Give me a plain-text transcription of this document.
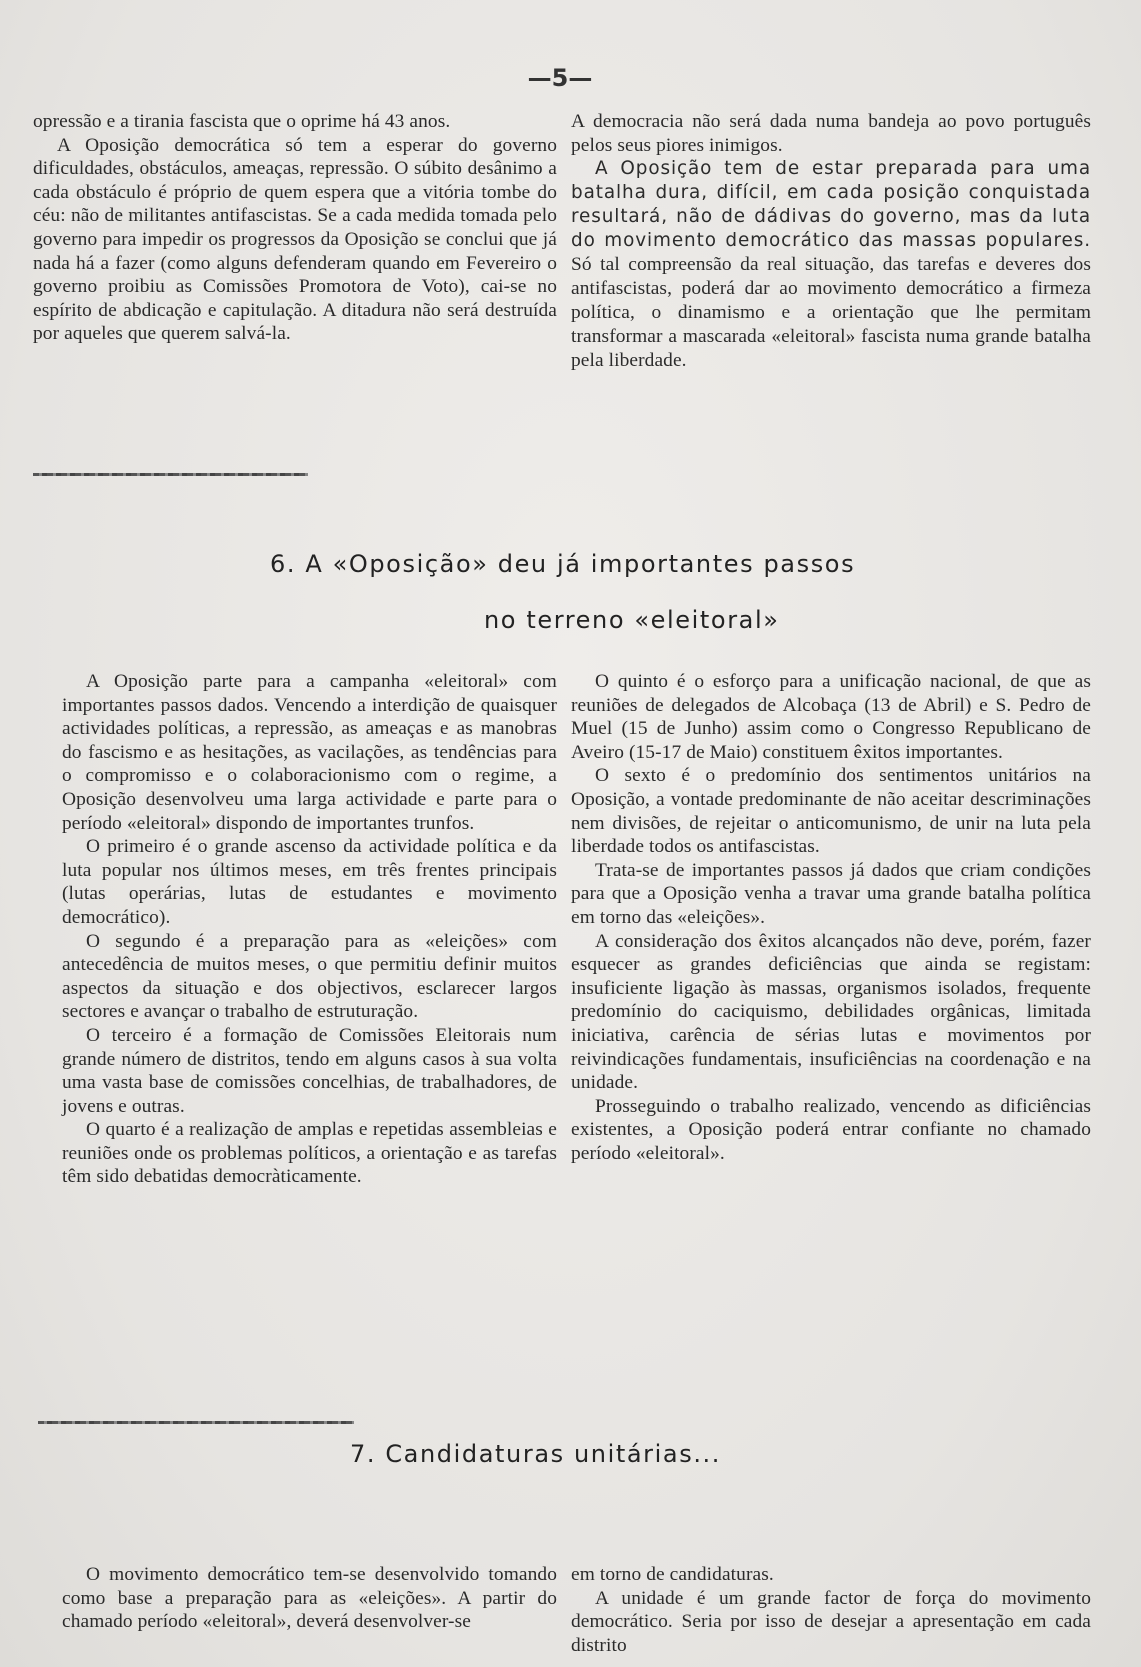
—5—

opressão e a tirania fascista que o oprime há 43 anos.

A Oposição democrática só tem a esperar do governo dificuldades, obstáculos, ameaças, repressão. O súbito desânimo a cada obstáculo é próprio de quem espera que a vitória tombe do céu: não de militantes antifascistas. Se a cada medida tomada pelo governo para impedir os progressos da Oposição se conclui que já nada há a fazer (como alguns defenderam quando em Fevereiro o governo proibiu as Comissões Promotora de Voto), cai-se no espírito de abdicação e capitulação. A ditadura não será destruída por aqueles que querem salvá-la.

A democracia não será dada numa bandeja ao povo português pelos seus piores inimigos.

A Oposição tem de estar preparada para uma batalha dura, difícil, em cada posição conquistada resultará, não de dádivas do governo, mas da luta do movimento democrático das massas populares. Só tal compreensão da real situação, das tarefas e deveres dos antifascistas, poderá dar ao movimento democrático a firmeza política, o dinamismo e a orientação que lhe permitam transformar a mascarada «eleitoral» fascista numa grande batalha pela liberdade.

6. A «Oposição» deu já importantes passos
no terreno «eleitoral»

A Oposição parte para a campanha «eleitoral» com importantes passos dados. Vencendo a interdição de quaisquer actividades políticas, a repressão, as ameaças e as manobras do fascismo e as hesitações, as vacilações, as tendências para o compromisso e o colaboracionismo com o regime, a Oposição desenvolveu uma larga actividade e parte para o período «eleitoral» dispondo de importantes trunfos.

O primeiro é o grande ascenso da actividade política e da luta popular nos últimos meses, em três frentes principais (lutas operárias, lutas de estudantes e movimento democrático).

O segundo é a preparação para as «eleições» com antecedência de muitos meses, o que permitiu definir muitos aspectos da situação e dos objectivos, esclarecer largos sectores e avançar o trabalho de estruturação.

O terceiro é a formação de Comissões Eleitorais num grande número de distritos, tendo em alguns casos à sua volta uma vasta base de comissões concelhias, de trabalhadores, de jovens e outras.

O quarto é a realização de amplas e repetidas assembleias e reuniões onde os problemas políticos, a orientação e as tarefas têm sido debatidas democràticamente.

O quinto é o esforço para a unificação nacional, de que as reuniões de delegados de Alcobaça (13 de Abril) e S. Pedro de Muel (15 de Junho) assim como o Congresso Republicano de Aveiro (15-17 de Maio) constituem êxitos importantes.

O sexto é o predomínio dos sentimentos unitários na Oposição, a vontade predominante de não aceitar descriminações nem divisões, de rejeitar o anticomunismo, de unir na luta pela liberdade todos os antifascistas.

Trata-se de importantes passos já dados que criam condições para que a Oposição venha a travar uma grande batalha política em torno das «eleições».

A consideração dos êxitos alcançados não deve, porém, fazer esquecer as grandes deficiências que ainda se registam: insuficiente ligação às massas, organismos isolados, frequente predomínio do caciquismo, debilidades orgânicas, limitada iniciativa, carência de sérias lutas e movimentos por reivindicações fundamentais, insuficiências na coordenação e na unidade.

Prosseguindo o trabalho realizado, vencendo as dificiências existentes, a Oposição poderá entrar confiante no chamado período «eleitoral».

7. Candidaturas unitárias...

O movimento democrático tem-se desenvolvido tomando como base a preparação para as «eleições». A partir do chamado período «eleitoral», deverá desenvolver-se

em torno de candidaturas.

A unidade é um grande factor de força do movimento democrático. Seria por isso de desejar a apresentação em cada distrito
